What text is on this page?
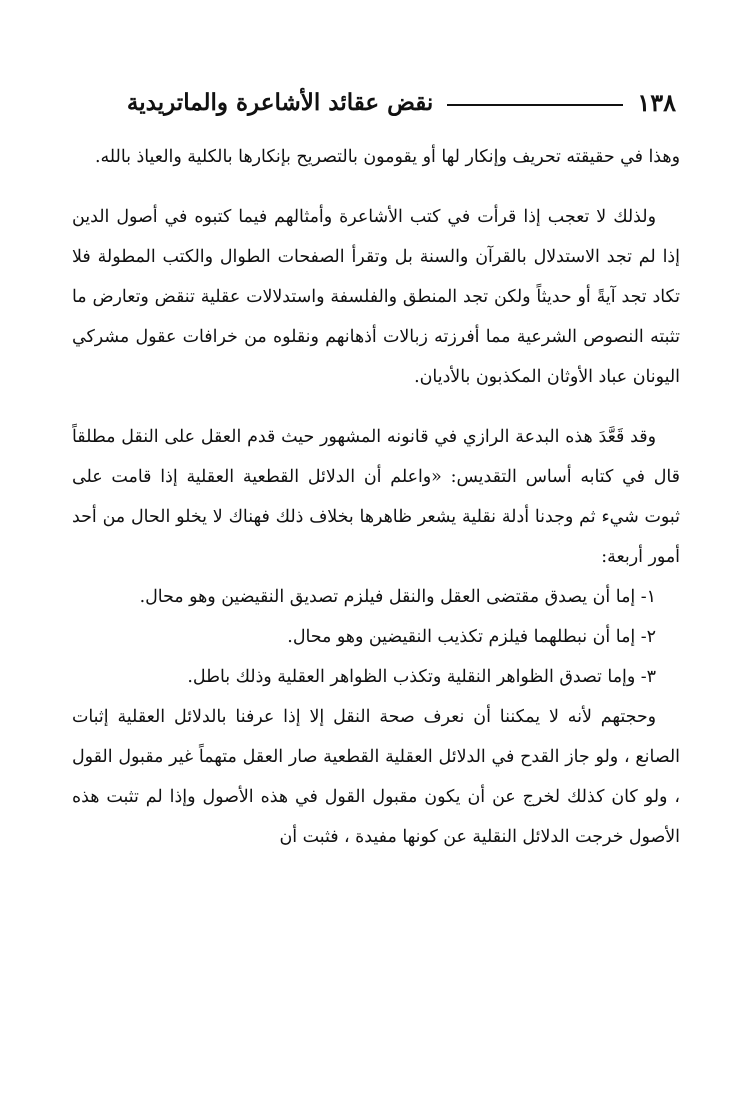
١٣٨
نقض عقائد الأشاعرة والماتريدية

وهذا في حقيقته تحريف وإنكار لها أو يقومون بالتصريح بإنكارها بالكلية والعياذ بالله.

ولذلك لا تعجب إذا قرأت في كتب الأشاعرة وأمثالهم فيما كتبوه في أصول الدين إذا لم تجد الاستدلال بالقرآن والسنة بل وتقرأ الصفحات الطوال والكتب المطولة فلا تكاد تجد آيةً أو حديثاً ولكن تجد المنطق والفلسفة واستدلالات عقلية تنقض وتعارض ما تثبته النصوص الشرعية مما أفرزته زبالات أذهانهم ونقلوه من خرافات عقول مشركي اليونان عباد الأوثان المكذبون بالأديان.

وقد قَعَّدَ هذه البدعة الرازي في قانونه المشهور حيث قدم العقل على النقل مطلقاً قال في كتابه أساس التقديس: «واعلم أن الدلائل القطعية العقلية إذا قامت على ثبوت شيء ثم وجدنا أدلة نقلية يشعر ظاهرها بخلاف ذلك فهناك لا يخلو الحال من أحد أمور أربعة:

١- إما أن يصدق مقتضى العقل والنقل فيلزم تصديق النقيضين وهو محال.

٢- إما أن نبطلهما فيلزم تكذيب النقيضين وهو محال.

٣- وإما تصدق الظواهر النقلية وتكذب الظواهر العقلية وذلك باطل.

وحجتهم لأنه لا يمكننا أن نعرف صحة النقل إلا إذا عرفنا بالدلائل العقلية إثبات الصانع ، ولو جاز القدح في الدلائل العقلية القطعية صار العقل متهماً غير مقبول القول ، ولو كان كذلك لخرج عن أن يكون مقبول القول في هذه الأصول وإذا لم تثبت هذه الأصول خرجت الدلائل النقلية عن كونها مفيدة ، فثبت أن
